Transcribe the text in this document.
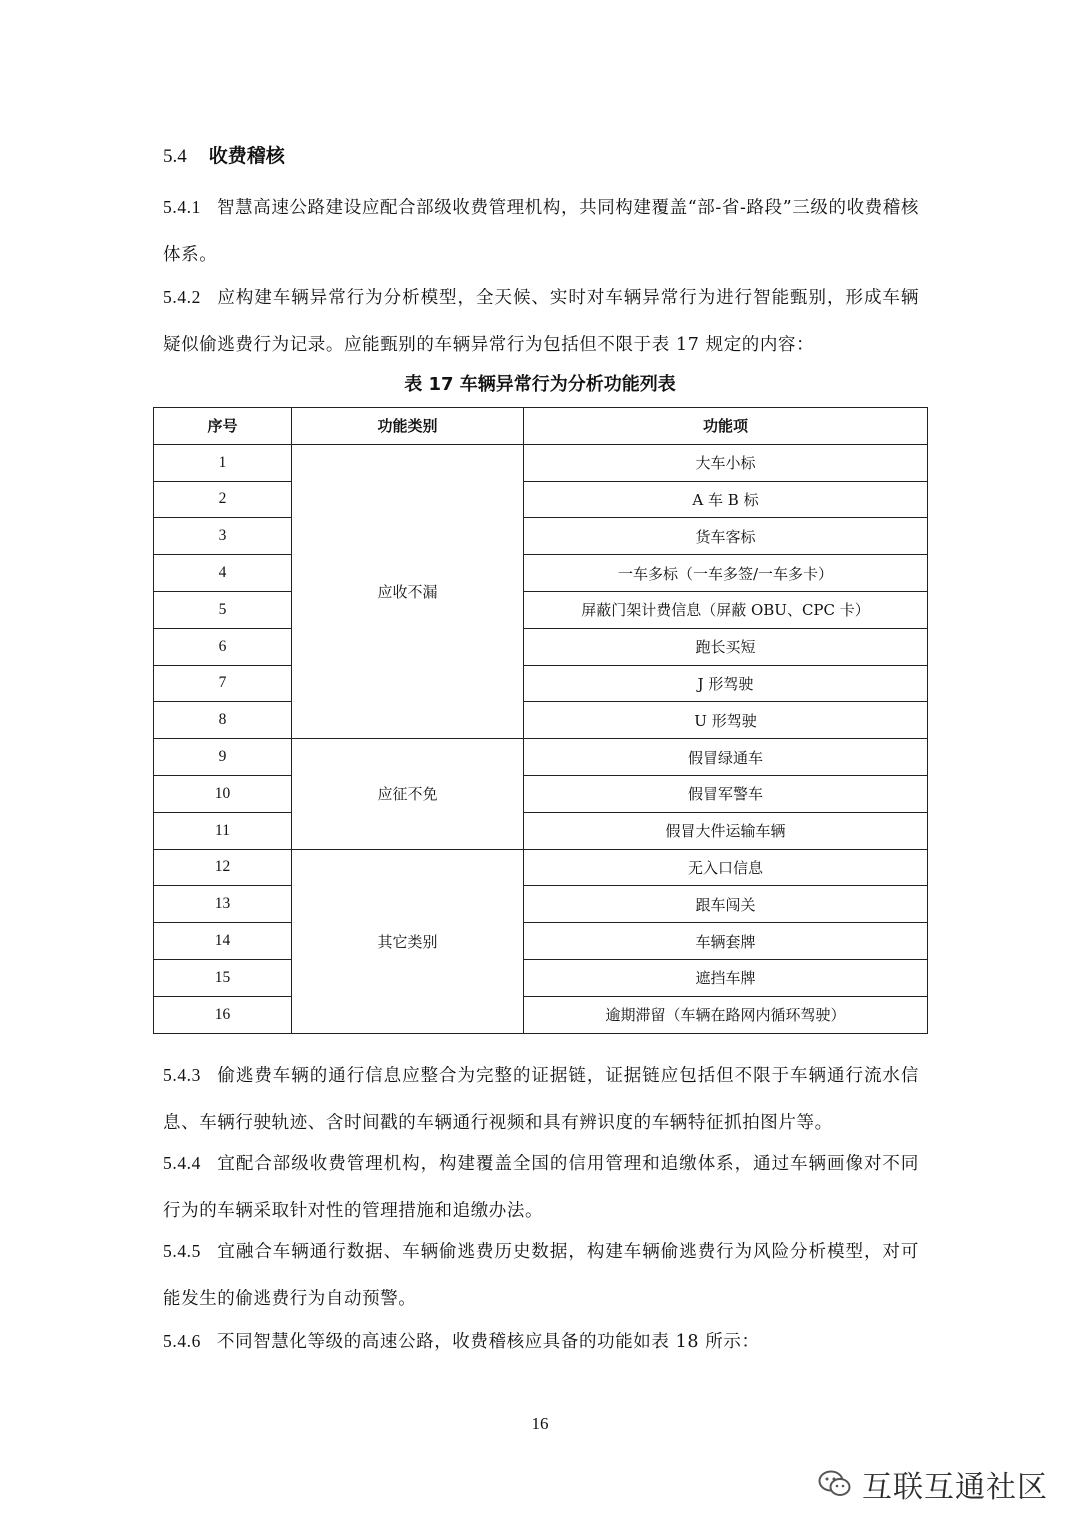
5.4 收费稽核
5.4.1 智慧高速公路建设应配合部级收费管理机构，共同构建覆盖“部-省-路段”三级的收费稽核体系。
5.4.2 应构建车辆异常行为分析模型，全天候、实时对车辆异常行为进行智能甄别，形成车辆疑似偷逃费行为记录。应能甄别的车辆异常行为包括但不限于表 17 规定的内容：
表 17 车辆异常行为分析功能列表
序号	功能类别	功能项
1	应收不漏	大车小标
2		A 车 B 标
3		货车客标
4		一车多标（一车多签/一车多卡）
5		屏蔽门架计费信息（屏蔽 OBU、CPC 卡）
6		跑长买短
7		J 形驾驶
8		U 形驾驶
9	应征不免	假冒绿通车
10		假冒军警车
11		假冒大件运输车辆
12	其它类别	无入口信息
13		跟车闯关
14		车辆套牌
15		遮挡车牌
16		逾期滞留（车辆在路网内循环驾驶）
5.4.3 偷逃费车辆的通行信息应整合为完整的证据链，证据链应包括但不限于车辆通行流水信息、车辆行驶轨迹、含时间戳的车辆通行视频和具有辨识度的车辆特征抓拍图片等。
5.4.4 宜配合部级收费管理机构，构建覆盖全国的信用管理和追缴体系，通过车辆画像对不同行为的车辆采取针对性的管理措施和追缴办法。
5.4.5 宜融合车辆通行数据、车辆偷逃费历史数据，构建车辆偷逃费行为风险分析模型，对可能发生的偷逃费行为自动预警。
5.4.6 不同智慧化等级的高速公路，收费稽核应具备的功能如表 18 所示：
16
互联互通社区
